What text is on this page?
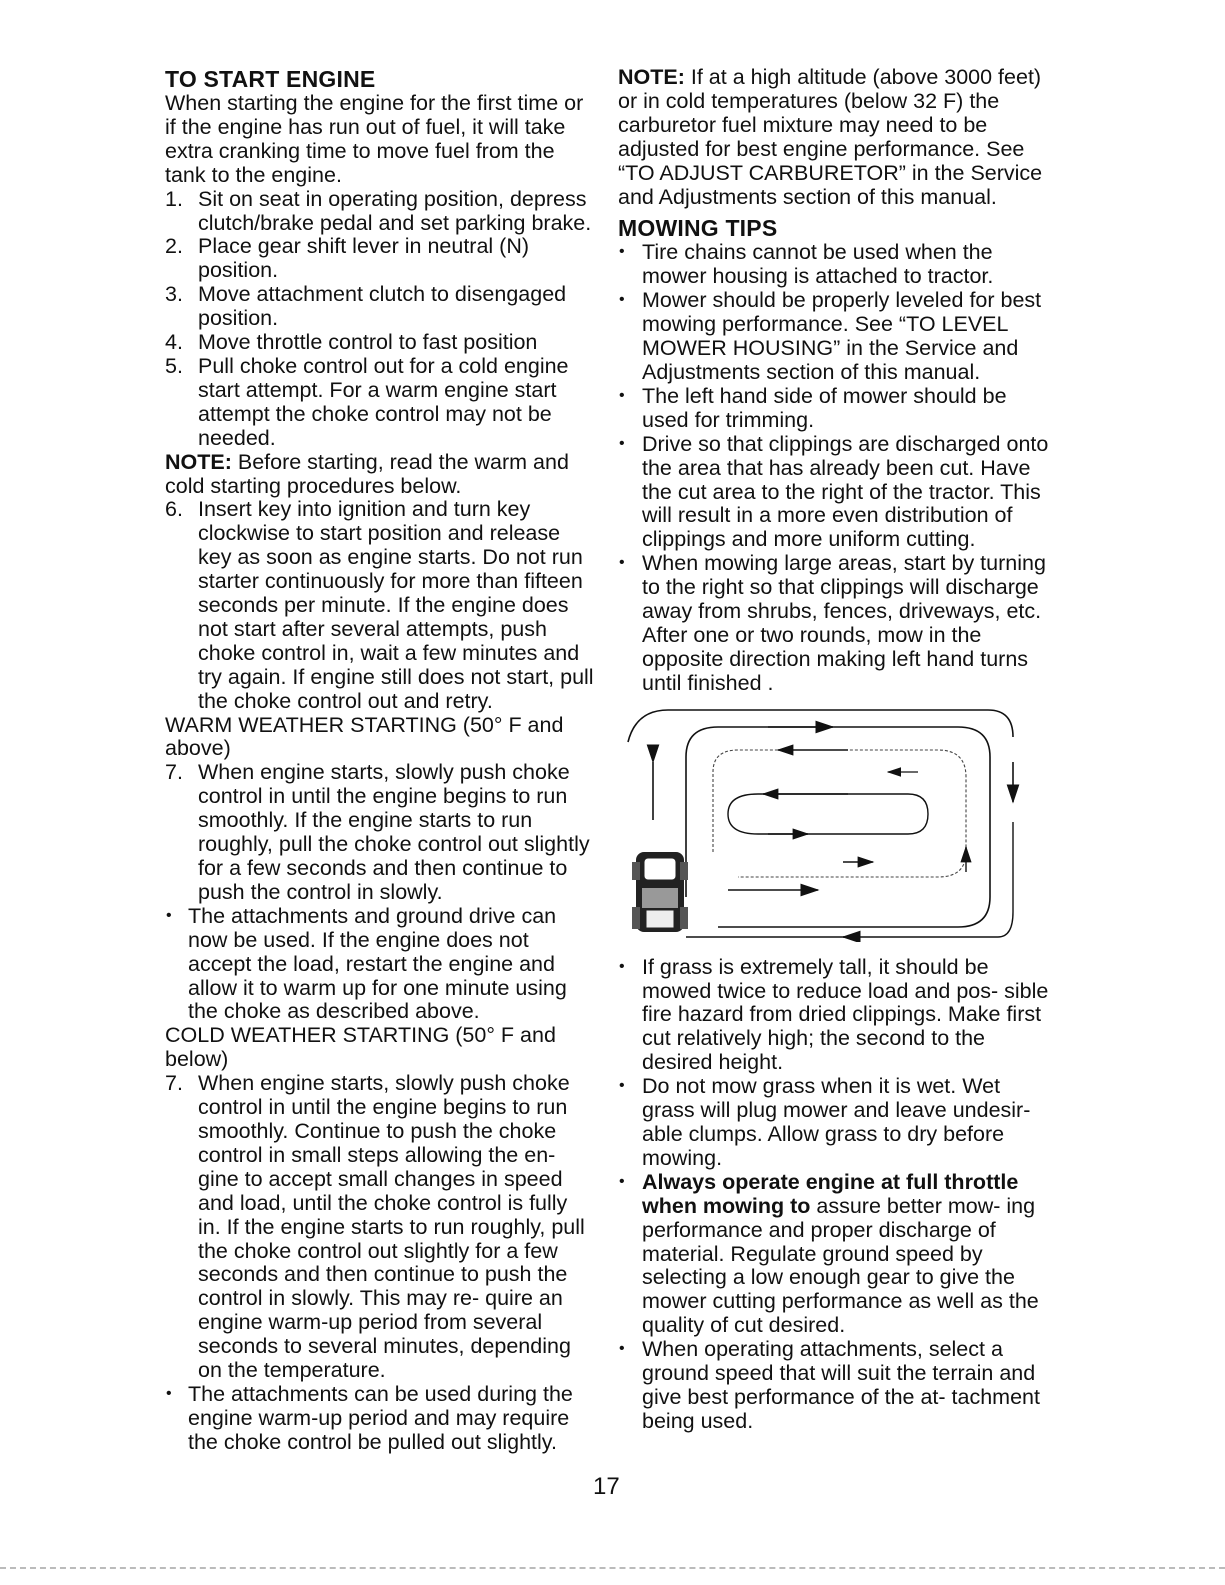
TO START ENGINE

When starting the engine for the first time or if the engine has run out of fuel, it will take extra cranking time to move fuel from the tank to the engine.

1. Sit on seat in operating position, depress clutch/brake pedal and set parking brake.
2. Place gear shift lever in neutral (N) position.
3. Move attachment clutch to disengaged position.
4. Move throttle control to fast position
5. Pull choke control out for a cold engine start attempt. For a warm engine start attempt the choke control may not be needed.

NOTE: Before starting, read the warm and cold starting procedures below.

6. Insert key into ignition and turn key clockwise to start position and release key as soon as engine starts. Do not run starter continuously for more than fifteen seconds per minute. If the engine does not start after several attempts, push choke control in, wait a few minutes and try again. If engine still does not start, pull the choke control out and retry.

WARM WEATHER STARTING (50° F and above)

7. When engine starts, slowly push choke control in until the engine begins to run smoothly. If the engine starts to run roughly, pull the choke control out slightly for a few seconds and then continue to push the control in slowly.
• The attachments and ground drive can now be used. If the engine does not accept the load, restart the engine and allow it to warm up for one minute using the choke as described above.

COLD WEATHER STARTING (50° F and below)

7. When engine starts, slowly push choke control in until the engine begins to run smoothly. Continue to push the choke control in small steps allowing the en- gine to accept small changes in speed and load, until the choke control is fully in. If the engine starts to run roughly, pull the choke control out slightly for a few seconds and then continue to push the control in slowly. This may re- quire an engine warm-up period from several seconds to several minutes, depending on the temperature.
• The attachments can be used during the engine warm-up period and may require the choke control be pulled out slightly.

NOTE: If at a high altitude (above 3000 feet) or in cold temperatures (below 32 F) the carburetor fuel mixture may need to be adjusted for best engine performance. See “TO ADJUST CARBURETOR” in the Service and Adjustments section of this manual.

MOWING TIPS
• Tire chains cannot be used when the mower housing is attached to tractor.
• Mower should be properly leveled for best mowing performance. See “TO LEVEL MOWER HOUSING” in the Service and Adjustments section of this manual.
• The left hand side of mower should be used for trimming.
• Drive so that clippings are discharged onto the area that has already been cut. Have the cut area to the right of the tractor. This will result in a more even distribution of clippings and more uniform cutting.
• When mowing large areas, start by turning to the right so that clippings will discharge away from shrubs, fences, driveways, etc. After one or two rounds, mow in the opposite direction making left hand turns until finished .
• If grass is extremely tall, it should be mowed twice to reduce load and pos- sible fire hazard from dried clippings. Make first cut relatively high; the second to the desired height.
• Do not mow grass when it is wet. Wet grass will plug mower and leave undesir- able clumps. Allow grass to dry before mowing.
• Always operate engine at full throttle when mowing to assure better mow- ing performance and proper discharge of material. Regulate ground speed by selecting a low enough gear to give the mower cutting performance as well as the quality of cut desired.
• When operating attachments, select a ground speed that will suit the terrain and give best performance of the at- tachment being used.
17
